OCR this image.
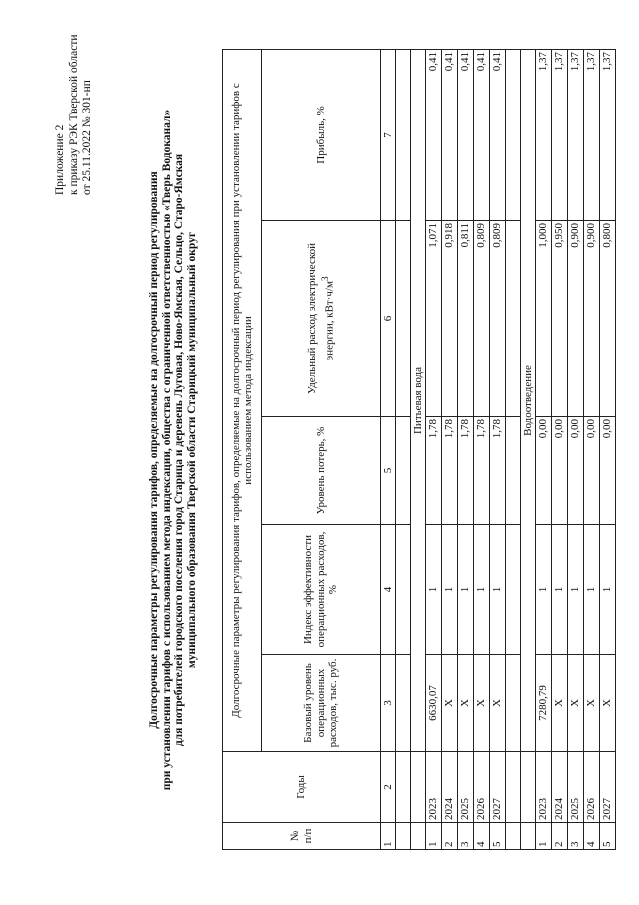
Приложение 2 к приказу РЭК Тверской области от 25.11.2022 № 301-нп
Долгосрочные параметры регулирования тарифов, определяемые на долгосрочный период регулирования при установлении тарифов с использованием метода индексации, общества с ограниченной ответственностью «Тверь Водоканал» для потребителей городского поселения город Старица и деревень Луговая, Ново-Ямская, Сельцо, Старо-Ямская муниципального образования Тверской области Старицкий муниципальный округ
№ п/п	Годы	Долгосрочные параметры регулирования тарифов, определяемые на долгосрочный период регулирования при установлении тарифов с использованием метода индексации				
		Базовый уровень операционных расходов, тыс. руб.	Индекс эффективности операционных расходов, %	Уровень потерь, %	Удельный расход электрической энергии, $кВт\cdot ч/м^3$	Прибыль, %
1	2	3	4	5	6	7

		Питьевая вода				
1	2023	6630,07	1	1,78	1,071	0,41
2	2024	Х	1	1,78	0,918	0,41
3	2025	Х	1	1,78	0,811	0,41
4	2026	Х	1	1,78	0,809	0,41
5	2027	Х	1	1,78	0,809	0,41

		Водоотведение				
1	2023	7280,79	1	0,00	1,000	1,37
2	2024	Х	1	0,00	0,950	1,37
3	2025	Х	1	0,00	0,900	1,37
4	2026	Х	1	0,00	0,900	1,37
5	2027	Х	1	0,00	0,800	1,37
